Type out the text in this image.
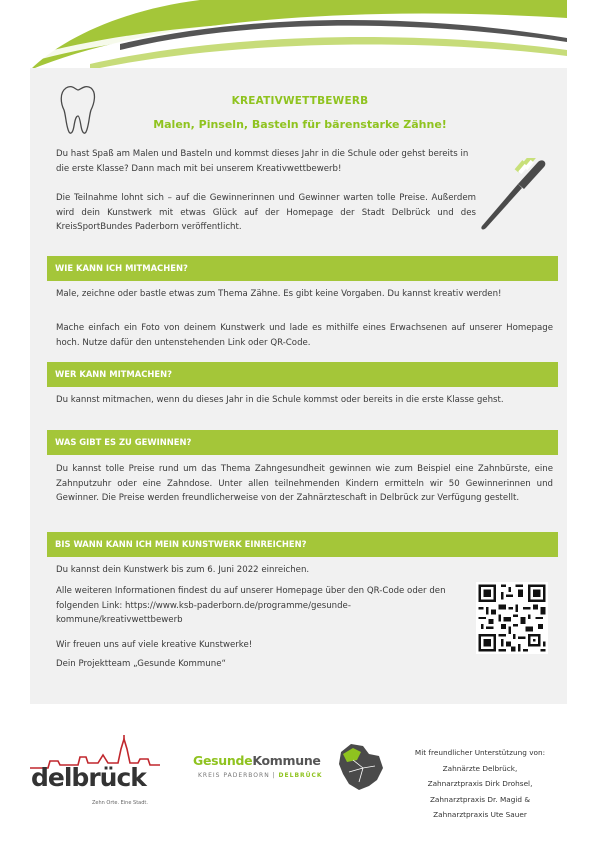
KREATIVWETTBEWERB
Malen, Pinseln, Basteln für bärenstarke Zähne!

Du hast Spaß am Malen und Basteln und kommst dieses Jahr in die Schule oder gehst bereits in die erste Klasse? Dann mach mit bei unserem Kreativwettbewerb!

Die Teilnahme lohnt sich – auf die Gewinnerinnen und Gewinner warten tolle Preise. Außerdem wird dein Kunstwerk mit etwas Glück auf der Homepage der Stadt Delbrück und des KreisSportBundes Paderborn veröffentlicht.

WIE KANN ICH MITMACHEN?

Male, zeichne oder bastle etwas zum Thema Zähne. Es gibt keine Vorgaben. Du kannst kreativ werden!

Mache einfach ein Foto von deinem Kunstwerk und lade es mithilfe eines Erwachsenen auf unserer Homepage hoch. Nutze dafür den untenstehenden Link oder QR-Code.

WER KANN MITMACHEN?

Du kannst mitmachen, wenn du dieses Jahr in die Schule kommst oder bereits in die erste Klasse gehst.

WAS GIBT ES ZU GEWINNEN?

Du kannst tolle Preise rund um das Thema Zahngesundheit gewinnen wie zum Beispiel eine Zahnbürste, eine Zahnputzuhr oder eine Zahndose. Unter allen teilnehmenden Kindern ermitteln wir 50 Gewinnerinnen und Gewinner. Die Preise werden freundlicherweise von der Zahnärzteschaft in Delbrück zur Verfügung gestellt.

BIS WANN KANN ICH MEIN KUNSTWERK EINREICHEN?

Du kannst dein Kunstwerk bis zum 6. Juni 2022 einreichen.

Alle weiteren Informationen findest du auf unserer Homepage über den QR-Code oder den folgenden Link: https://www.ksb-paderborn.de/programme/gesunde-kommune/kreativwettbewerb

Wir freuen uns auf viele kreative Kunstwerke!

Dein Projektteam „Gesunde Kommune“

delbrück
Zehn Orte. Eine Stadt.
GesundeKommune
KREIS PADERBORN | DELBRÜCK
Mit freundlicher Unterstützung von:
Zahnärzte Delbrück,
Zahnarztpraxis Dirk Drohsel,
Zahnarztpraxis Dr. Magid &
Zahnarztpraxis Ute Sauer
